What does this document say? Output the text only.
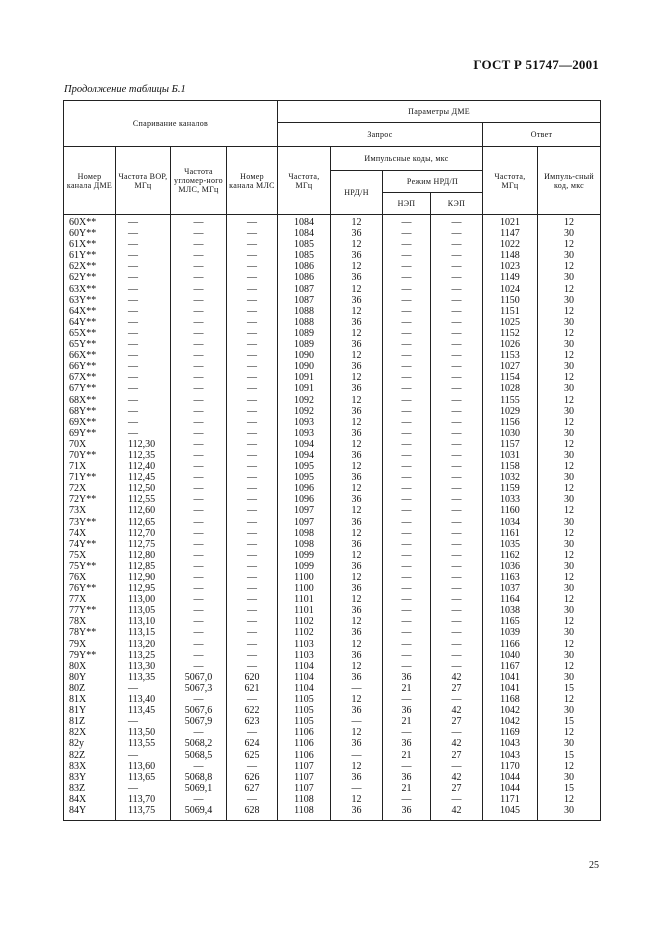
ГОСТ Р 51747—2001
Продолжение таблицы Б.1
Спаривание каналов				Параметры ДМЕ					
				Запрос				Ответ	
Номер канала ДМЕ	Частота ВОР, МГц	Частота угломер-ного МЛС, МГц	Номер канала МЛС	Частота, МГц	Импульсные коды, мкс			Частота, МГц	Импуль-сный код, мкс
					НРД/Н	Режим НРД/П			
						НЭП	КЭП		
60X**	—	—	—	1084	12	—	—	1021	12
60Y**	—	—	—	1084	36	—	—	1147	30
61X**	—	—	—	1085	12	—	—	1022	12
61Y**	—	—	—	1085	36	—	—	1148	30
62X**	—	—	—	1086	12	—	—	1023	12
62Y**	—	—	—	1086	36	—	—	1149	30
63X**	—	—	—	1087	12	—	—	1024	12
63Y**	—	—	—	1087	36	—	—	1150	30
64X**	—	—	—	1088	12	—	—	1151	12
64Y**	—	—	—	1088	36	—	—	1025	30
65X**	—	—	—	1089	12	—	—	1152	12
65Y**	—	—	—	1089	36	—	—	1026	30
66X**	—	—	—	1090	12	—	—	1153	12
66Y**	—	—	—	1090	36	—	—	1027	30
67X**	—	—	—	1091	12	—	—	1154	12
67Y**	—	—	—	1091	36	—	—	1028	30
68X**	—	—	—	1092	12	—	—	1155	12
68Y**	—	—	—	1092	36	—	—	1029	30
69X**	—	—	—	1093	12	—	—	1156	12
69Y**	—	—	—	1093	36	—	—	1030	30
70X	112,30	—	—	1094	12	—	—	1157	12
70Y**	112,35	—	—	1094	36	—	—	1031	30
71X	112,40	—	—	1095	12	—	—	1158	12
71Y**	112,45	—	—	1095	36	—	—	1032	30
72X	112,50	—	—	1096	12	—	—	1159	12
72Y**	112,55	—	—	1096	36	—	—	1033	30
73X	112,60	—	—	1097	12	—	—	1160	12
73Y**	112,65	—	—	1097	36	—	—	1034	30
74X	112,70	—	—	1098	12	—	—	1161	12
74Y**	112,75	—	—	1098	36	—	—	1035	30
75X	112,80	—	—	1099	12	—	—	1162	12
75Y**	112,85	—	—	1099	36	—	—	1036	30
76X	112,90	—	—	1100	12	—	—	1163	12
76Y**	112,95	—	—	1100	36	—	—	1037	30
77X	113,00	—	—	1101	12	—	—	1164	12
77Y**	113,05	—	—	1101	36	—	—	1038	30
78X	113,10	—	—	1102	12	—	—	1165	12
78Y**	113,15	—	—	1102	36	—	—	1039	30
79X	113,20	—	—	1103	12	—	—	1166	12
79Y**	113,25	—	—	1103	36	—	—	1040	30
80X	113,30	—	—	1104	12	—	—	1167	12
80Y	113,35	5067,0	620	1104	36	36	42	1041	30
80Z	—	5067,3	621	1104	—	21	27	1041	15
81X	113,40	—	—	1105	12	—	—	1168	12
81Y	113,45	5067,6	622	1105	36	36	42	1042	30
81Z	—	5067,9	623	1105	—	21	27	1042	15
82X	113,50	—	—	1106	12	—	—	1169	12
82y	113,55	5068,2	624	1106	36	36	42	1043	30
82Z	—	5068,5	625	1106	—	21	27	1043	15
83X	113,60	—	—	1107	12	—	—	1170	12
83Y	113,65	5068,8	626	1107	36	36	42	1044	30
83Z	—	5069,1	627	1107	—	21	27	1044	15
84X	113,70	—	—	1108	12	—	—	1171	12
84Y	113,75	5069,4	628	1108	36	36	42	1045	30
25
